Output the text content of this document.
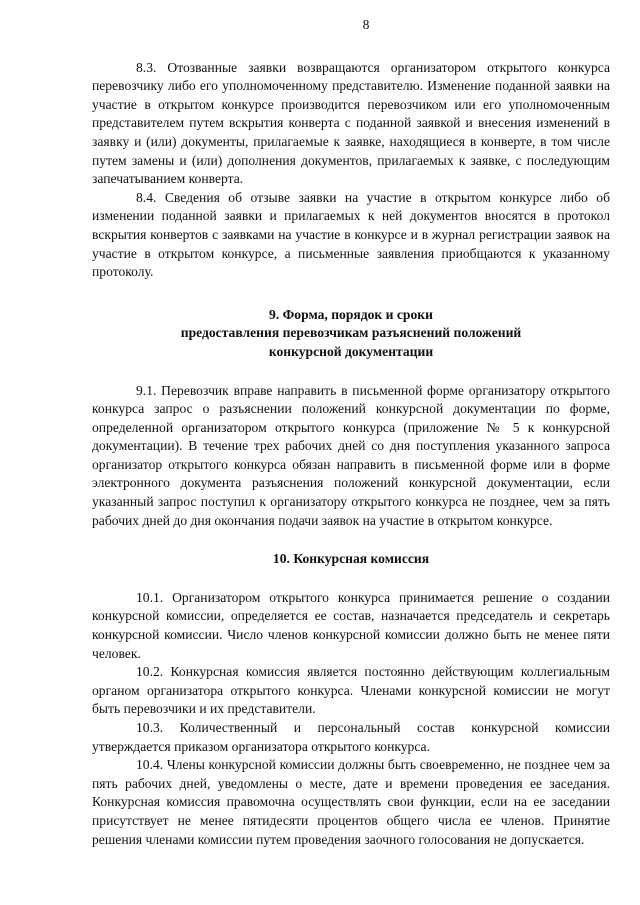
8

8.3. Отозванные заявки возвращаются организатором открытого конкурса перевозчику либо его уполномоченному представителю. Изменение поданной заявки на участие в открытом конкурсе производится перевозчиком или его уполномоченным представителем путем вскрытия конверта с поданной заявкой и внесения изменений в заявку и (или) документы, прилагаемые к заявке, находящиеся в конверте, в том числе путем замены и (или) дополнения документов, прилагаемых к заявке, с последующим запечатыванием конверта.

8.4. Сведения об отзыве заявки на участие в открытом конкурсе либо об изменении поданной заявки и прилагаемых к ней документов вносятся в протокол вскрытия конвертов с заявками на участие в конкурсе и в журнал регистрации заявок на участие в открытом конкурсе, а письменные заявления приобщаются к указанному протоколу.

9. Форма, порядок и сроки

предоставления перевозчикам разъяснений положений

конкурсной документации

9.1. Перевозчик вправе направить в письменной форме организатору открытого конкурса запрос о разъяснении положений конкурсной документации по форме, определенной организатором открытого конкурса (приложение № 5 к конкурсной документации). В течение трех рабочих дней со дня поступления указанного запроса организатор открытого конкурса обязан направить в письменной форме или в форме электронного документа разъяснения положений конкурсной документации, если указанный запрос поступил к организатору открытого конкурса не позднее, чем за пять рабочих дней до дня окончания подачи заявок на участие в открытом конкурсе.

10. Конкурсная комиссия

10.1. Организатором открытого конкурса принимается решение о создании конкурсной комиссии, определяется ее состав, назначается председатель и секретарь конкурсной комиссии. Число членов конкурсной комиссии должно быть не менее пяти человек.

10.2. Конкурсная комиссия является постоянно действующим коллегиальным органом организатора открытого конкурса. Членами конкурсной комиссии не могут быть перевозчики и их представители.

10.3. Количественный и персональный состав конкурсной комиссии утверждается приказом организатора открытого конкурса.

10.4. Члены конкурсной комиссии должны быть своевременно, не позднее чем за пять рабочих дней, уведомлены о месте, дате и времени проведения ее заседания. Конкурсная комиссия правомочна осуществлять свои функции, если на ее заседании присутствует не менее пятидесяти процентов общего числа ее членов. Принятие решения членами комиссии путем проведения заочного голосования не допускается.
